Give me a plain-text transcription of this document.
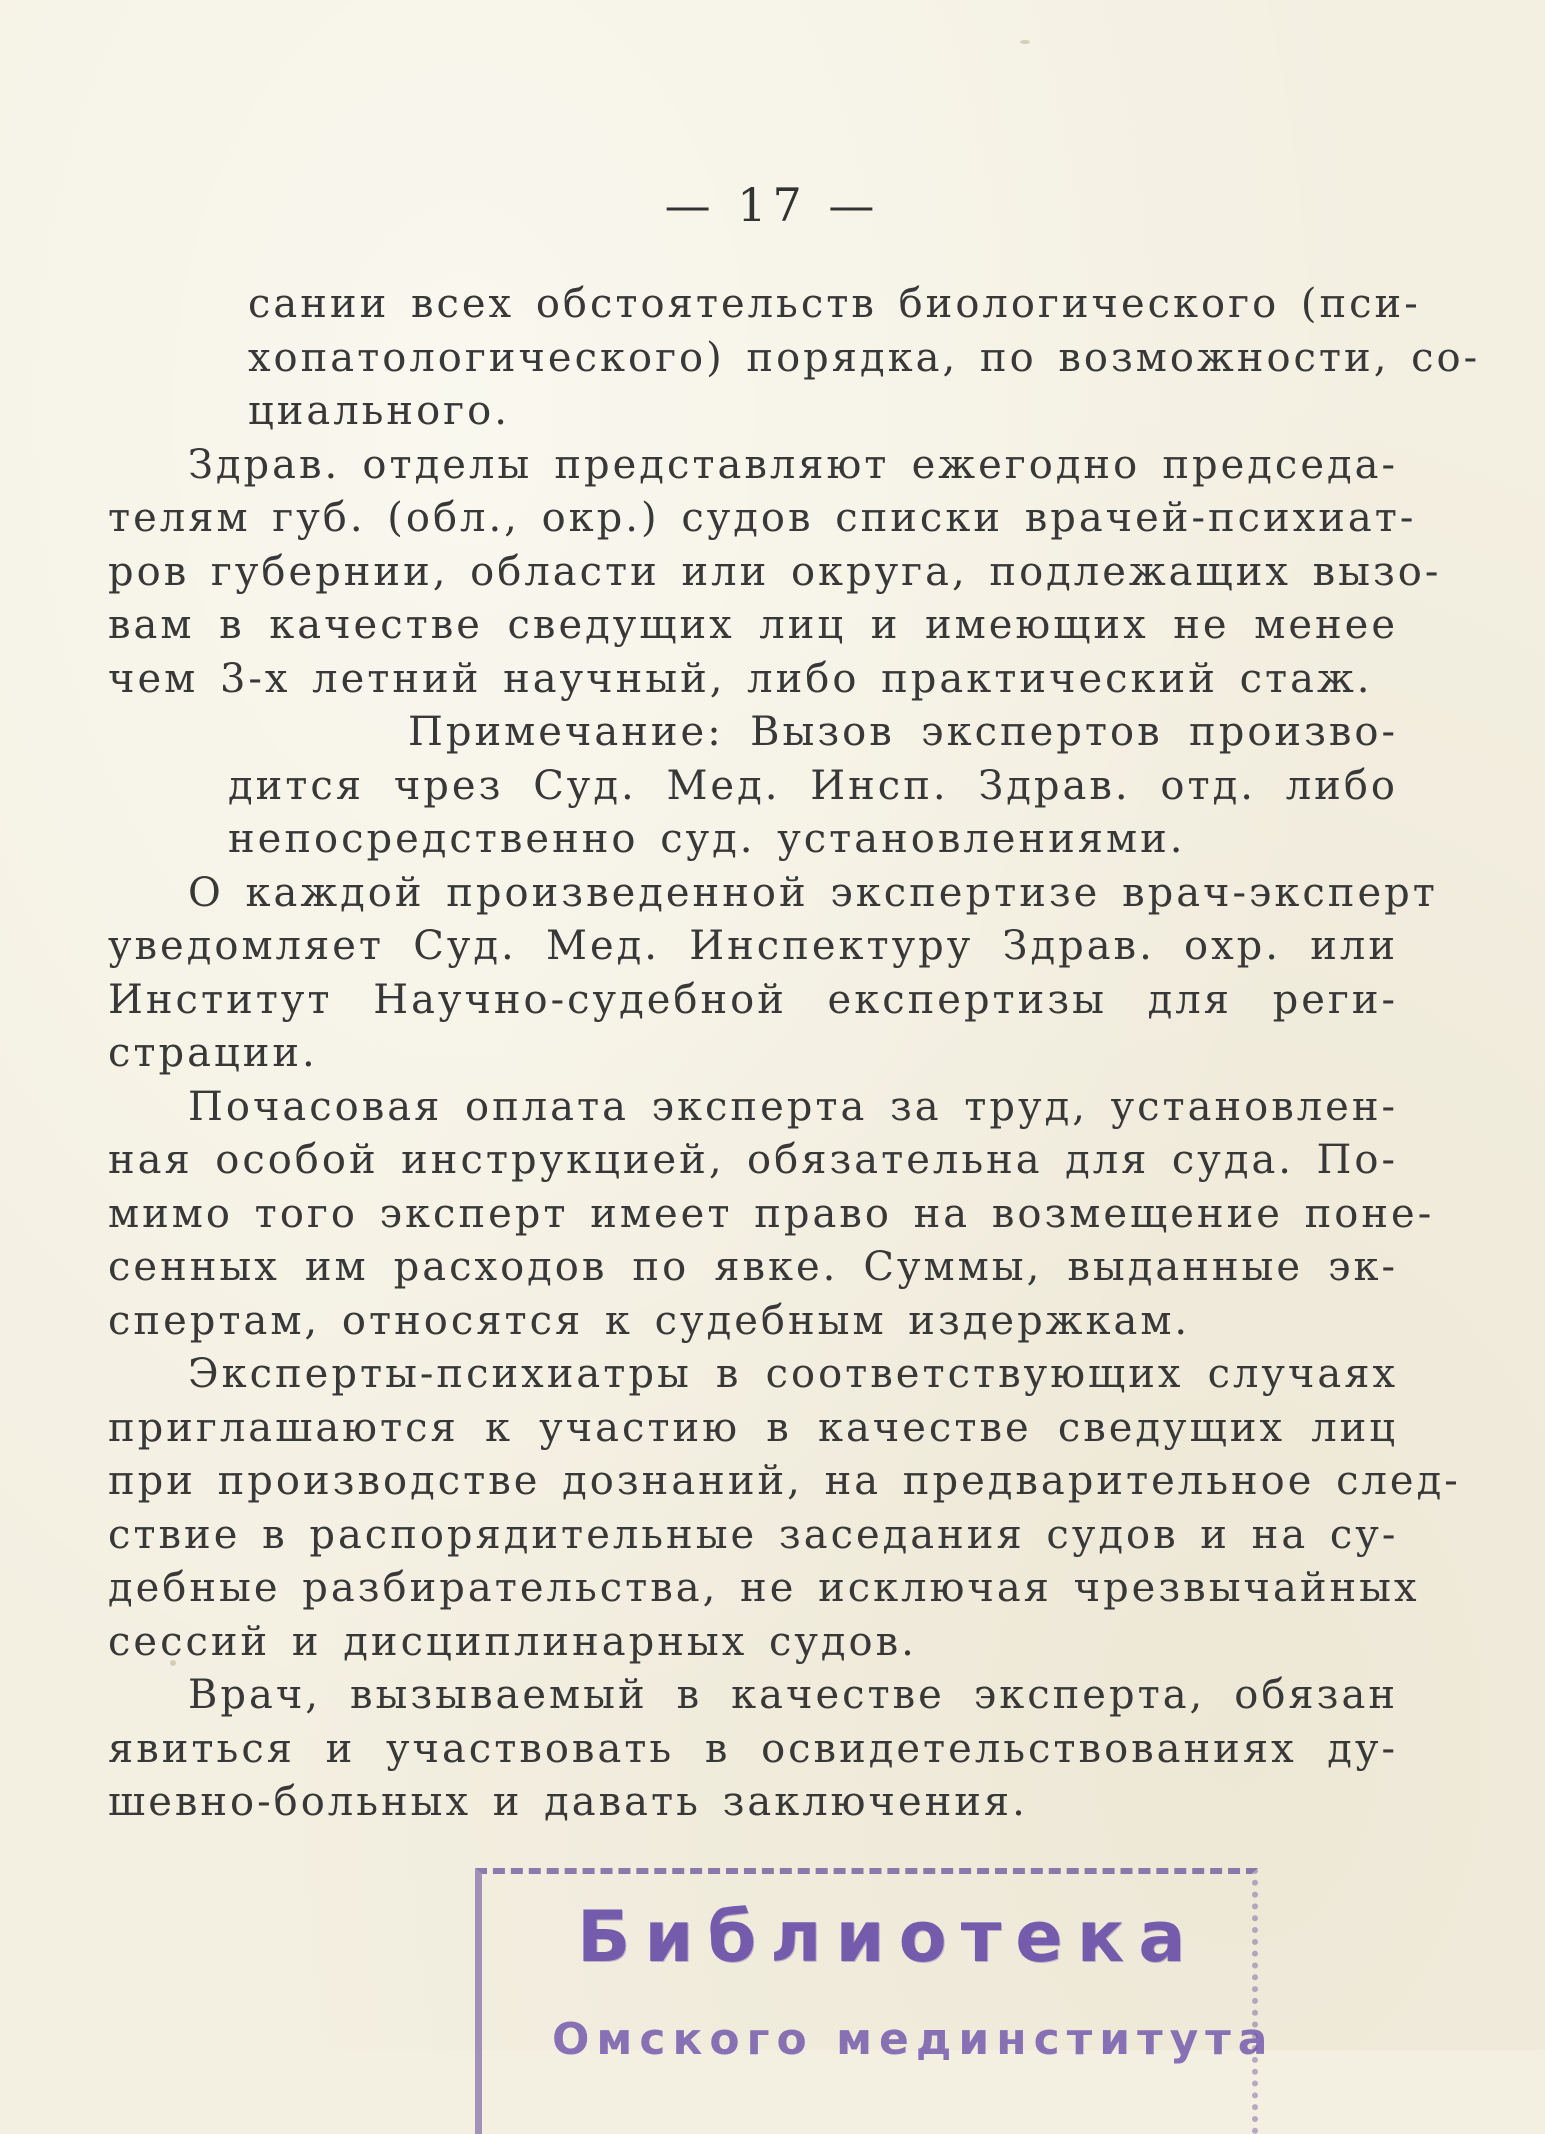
— 17 —
сании всех обстоятельств биологического (пси-
хопатологического) порядка, по возможности, со-
циального.
Здрав. отделы представляют ежегодно председа-
телям губ. (обл., окр.) судов списки врачей-психиат-
ров губернии, области или округа, подлежащих вызо-
вам в качестве сведущих лиц и имеющих не менее
чем 3-х летний научный, либо практический стаж.
Примечание: Вызов экспертов произво-
дится чрез Суд. Мед. Инсп. Здрав. отд. либо
непосредственно суд. установлениями.
О каждой произведенной экспертизе врач-эксперт
уведомляет Суд. Мед. Инспектуру Здрав. охр. или
Институт Научно-судебной експертизы для реги-
страции.
Почасовая оплата эксперта за труд, установлен-
ная особой инструкцией, обязательна для суда. По-
мимо того эксперт имеет право на возмещение поне-
сенных им расходов по явке. Суммы, выданные эк-
спертам, относятся к судебным издержкам.
Эксперты-психиатры в соответствующих случаях
приглашаются к участию в качестве сведущих лиц
при производстве дознаний, на предварительное след-
ствие в распорядительные заседания судов и на су-
дебные разбирательства, не исключая чрезвычайных
сессий и дисциплинарных судов.
Врач, вызываемый в качестве эксперта, обязан
явиться и участвовать в освидетельствованиях ду-
шевно-больных и давать заключения.
Библиотека
Омского мединститута
